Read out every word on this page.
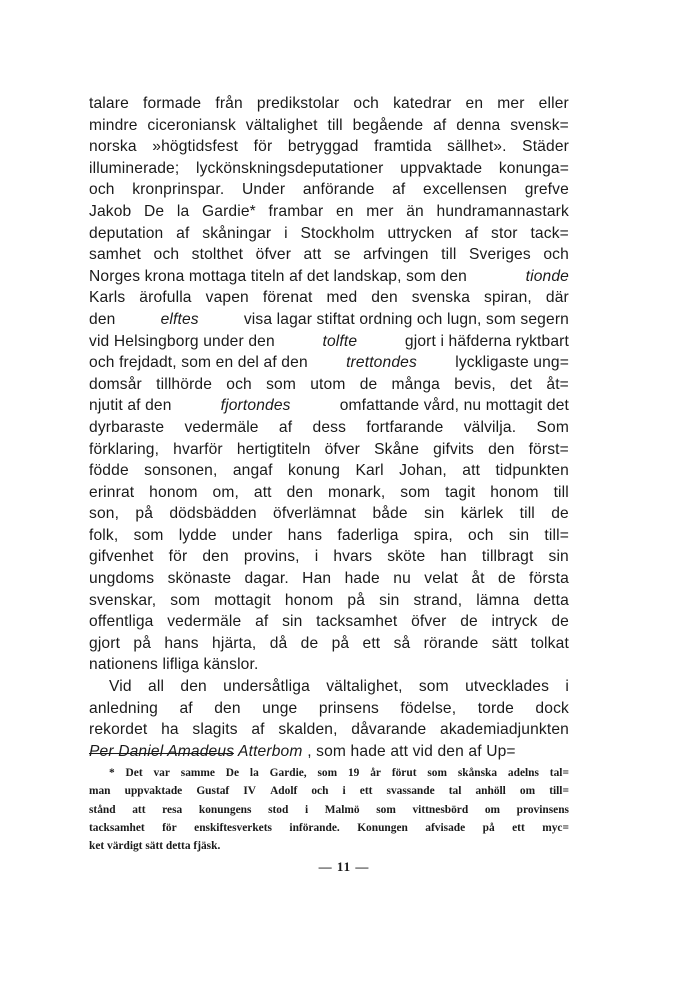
talare formade från predikstolar och katedrar en mer eller
mindre ciceroniansk vältalighet till begående af denna svensk=
norska »högtidsfest för betryggad framtida sällhet». Städer
illuminerade; lyckönskningsdeputationer uppvaktade konunga=
och kronprinspar. Under anförande af excellensen grefve
Jakob De la Gardie* frambar en mer än hundramannastark
deputation af skåningar i Stockholm uttrycken af stor tack=
samhet och stolthet öfver att se arfvingen till Sveriges och
Norges krona mottaga titeln af det landskap, som den	tionde
Karls ärofulla vapen förenat med den svenska spiran, där
den	elftes	visa lagar stiftat ordning och lugn, som segern
vid Helsingborg under den	tolfte	gjort i häfderna ryktbart
och frejdadt, som en del af den trettondes lyckligaste ung=
domsår tillhörde och som utom de många bevis, det åt=
njutit af den	fjortondes	omfattande vård, nu mottagit det
dyrbaraste vedermäle af dess fortfarande välvilja. Som
förklaring, hvarför hertigtiteln öfver Skåne gifvits den först=
födde sonsonen, angaf konung Karl Johan, att tidpunkten
erinrat honom om, att den monark, som tagit honom till
son, på dödsbädden öfverlämnat både sin kärlek till de
folk, som lydde under hans faderliga spira, och sin till=
gifvenhet för den provins, i hvars sköte han tillbragt sin
ungdoms skönaste dagar. Han hade nu velat åt de första
svenskar, som mottagit honom på sin strand, lämna detta
offentliga vedermäle af sin tacksamhet öfver de intryck de
gjort på hans hjärta, då de på ett så rörande sätt tolkat
nationens lifliga känslor.
Vid all den undersåtliga vältalighet, som utvecklades i
anledning af den unge prinsens födelse, torde dock
rekordet ha slagits af skalden, dåvarande akademiadjunkten
Per Daniel Amadeus Atterbom , som hade att vid den af Up=
* Det var samme De la Gardie, som 19 år förut som skånska adelns tal=
man uppvaktade Gustaf IV Adolf och i ett svassande tal anhöll om till=
stånd att resa konungens stod i Malmö som vittnesbörd om provinsens
tacksamhet för enskiftesverkets införande. Konungen afvisade på ett myc=
ket värdigt sätt detta fjäsk.
— 11 —
